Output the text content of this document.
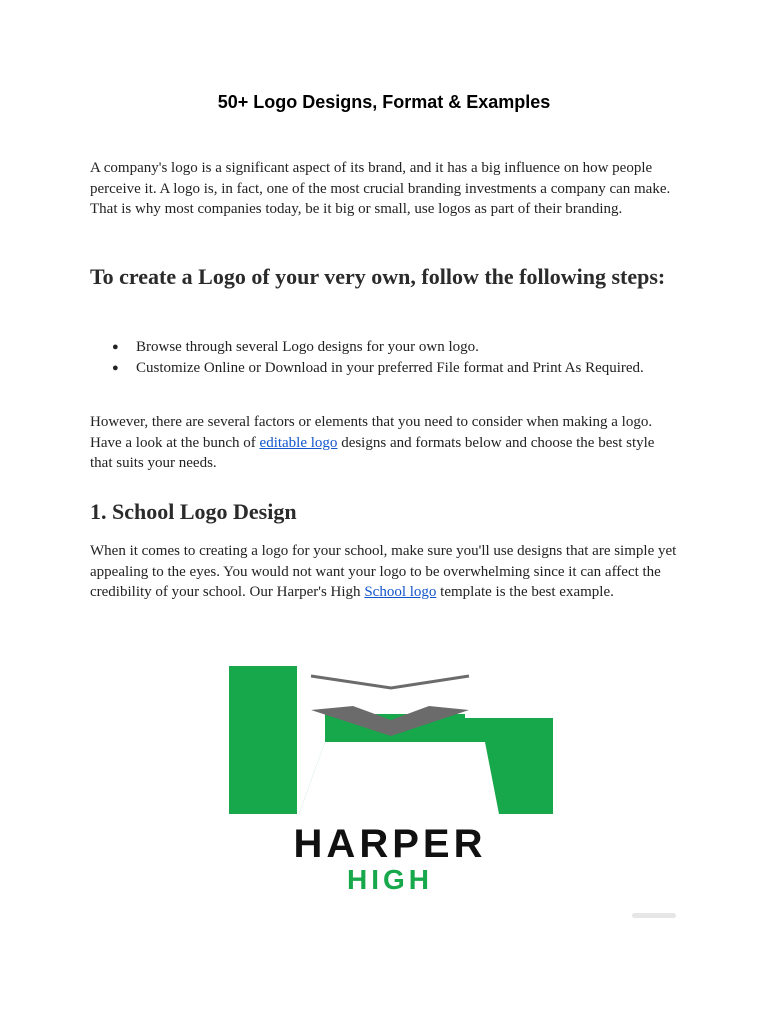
50+ Logo Designs, Format & Examples
A company's logo is a significant aspect of its brand, and it has a big influence on how people perceive it. A logo is, in fact, one of the most crucial branding investments a company can make. That is why most companies today, be it big or small, use logos as part of their branding.
To create a Logo of your very own, follow the following steps:
● Browse through several Logo designs for your own logo.
● Customize Online or Download in your preferred File format and Print As Required.
However, there are several factors or elements that you need to consider when making a logo. Have a look at the bunch of editable logo designs and formats below and choose the best style that suits your needs.
1. School Logo Design
When it comes to creating a logo for your school, make sure you'll use designs that are simple yet appealing to the eyes. You would not want your logo to be overwhelming since it can affect the credibility of your school. Our Harper's High School logo template is the best example.
HARPER
HIGH
